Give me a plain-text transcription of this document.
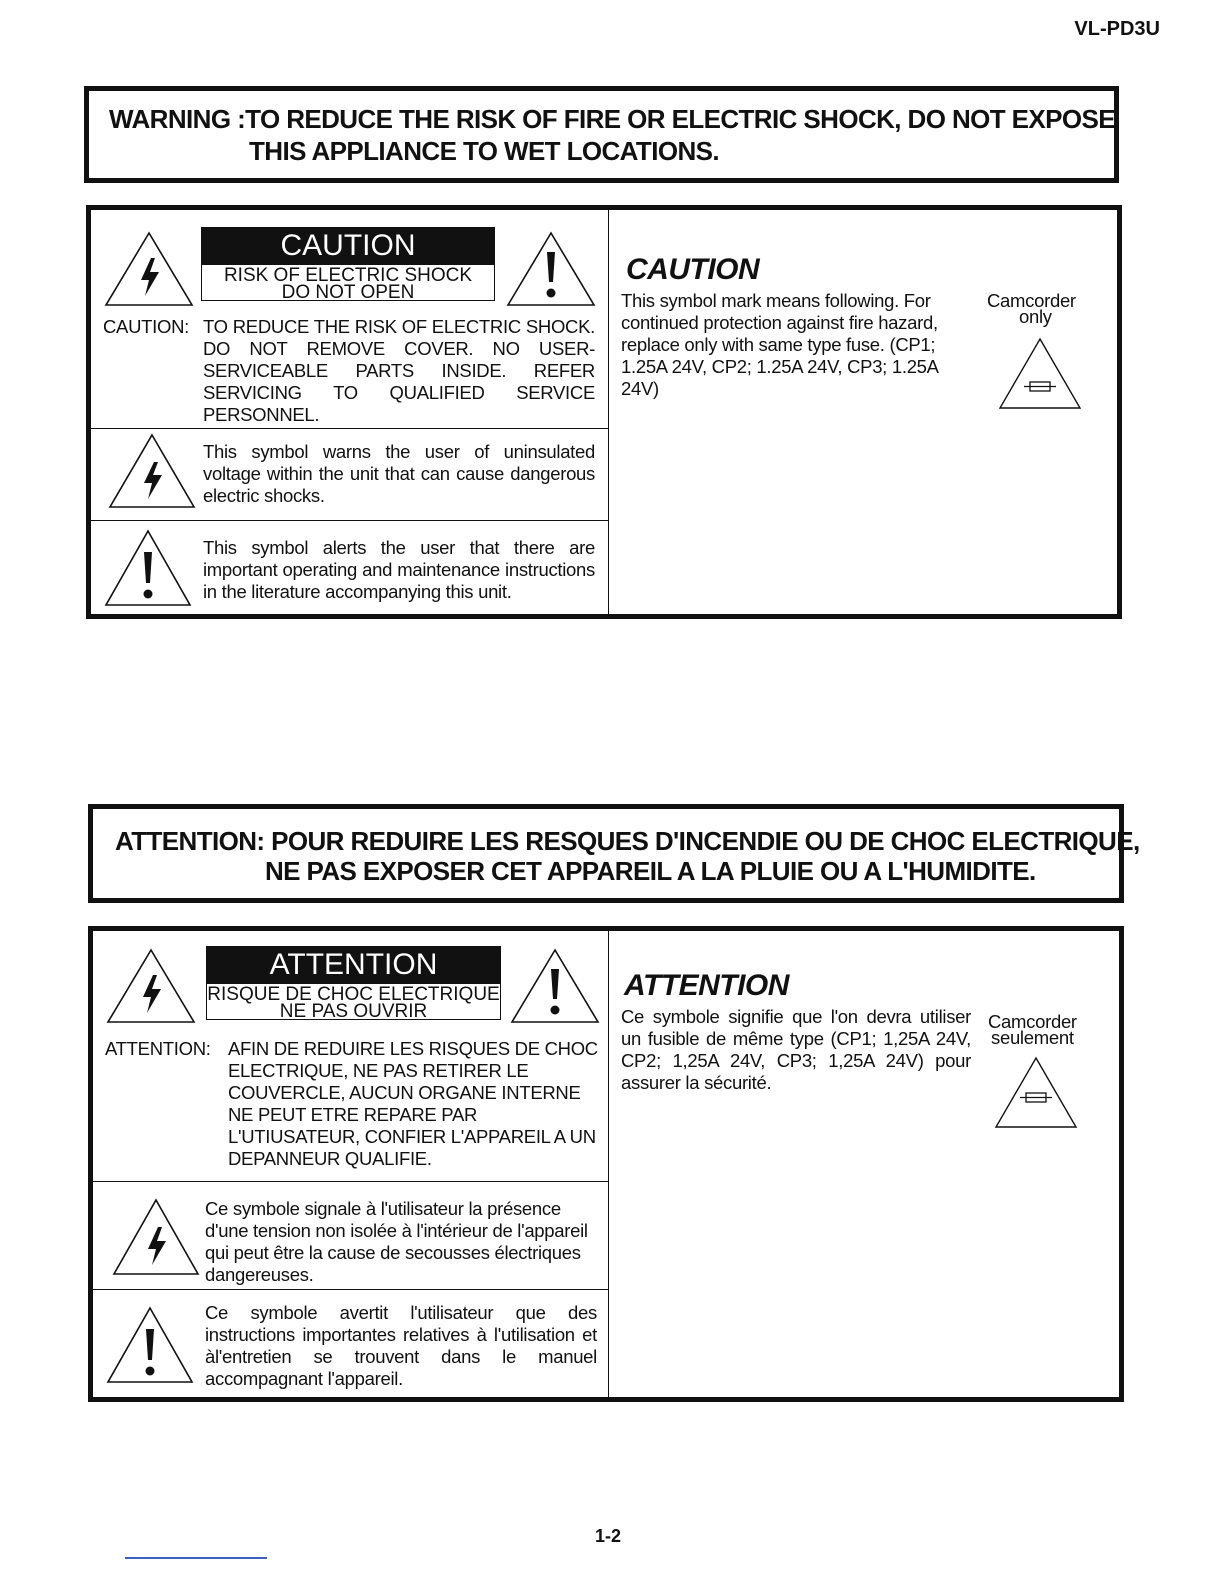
VL-PD3U
WARNING :TO REDUCE THE RISK OF FIRE OR ELECTRIC SHOCK, DO NOT EXPOSE
THIS APPLIANCE TO WET LOCATIONS.
CAUTION
RISK OF ELECTRIC SHOCK
DO NOT OPEN
CAUTION: TO REDUCE THE RISK OF ELECTRIC SHOCK. DO NOT REMOVE COVER. NO USER-SERVICEABLE PARTS INSIDE. REFER SERVICING TO QUALIFIED SERVICE PERSONNEL.
This symbol warns the user of uninsulated voltage within the unit that can cause dangerous electric shocks.
This symbol alerts the user that there are important operating and maintenance instructions in the literature accompanying this unit.
CAUTION
This symbol mark means following. For continued protection against fire hazard, replace only with same type fuse. (CP1; 1.25A 24V, CP2; 1.25A 24V, CP3; 1.25A 24V)
Camcorder
only
ATTENTION: POUR REDUIRE LES RESQUES D'INCENDIE OU DE CHOC ELECTRIQUE,
NE PAS EXPOSER CET APPAREIL A LA PLUIE OU A L'HUMIDITE.
ATTENTION
RISQUE DE CHOC ELECTRIQUE
NE PAS OUVRIR
ATTENTION: AFIN DE REDUIRE LES RISQUES DE CHOC ELECTRIQUE, NE PAS RETIRER LE COUVERCLE, AUCUN ORGANE INTERNE NE PEUT ETRE REPARE PAR L'UTIUSATEUR, CONFIER L'APPAREIL A UN DEPANNEUR QUALIFIE.
Ce symbole signale à l'utilisateur la présence d'une tension non isolée à l'intérieur de l'appareil qui peut être la cause de secousses électriques dangereuses.
Ce symbole avertit l'utilisateur que des instructions importantes relatives à l'utilisation et àl'entretien se trouvent dans le manuel accompagnant l'appareil.
ATTENTION
Ce symbole signifie que l'on devra utiliser un fusible de même type (CP1; 1,25A 24V, CP2; 1,25A 24V, CP3; 1,25A 24V) pour assurer la sécurité.
Camcorder
seulement
1-2
